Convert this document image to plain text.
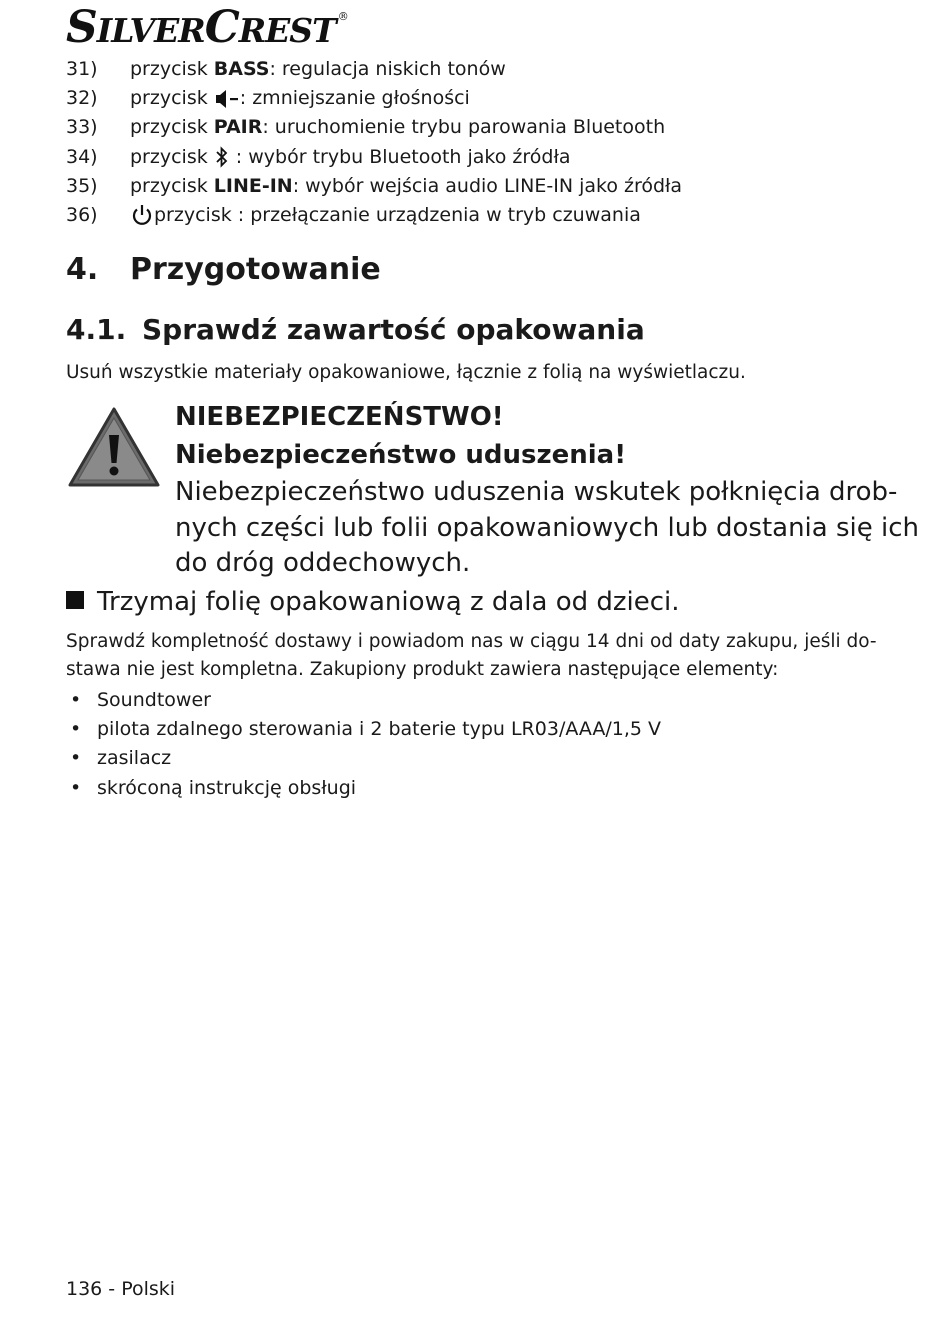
SILVERCREST ®
31) przycisk BASS: regulacja niskich tonów
32) przycisk : zmniejszanie głośności
33) przycisk PAIR: uruchomienie trybu parowania Bluetooth
34) przycisk  : wybór trybu Bluetooth jako źródła
35) przycisk LINE-IN: wybór wejścia audio LINE-IN jako źródła
36)	przycisk : przełączanie urządzenia w tryb czuwania
4. Przygotowanie
4.1. Sprawdź zawartość opakowania
Usuń wszystkie materiały opakowaniowe, łącznie z folią na wyświetlaczu.
NIEBEZPIECZEŃSTWO!
Niebezpieczeństwo uduszenia!
Niebezpieczeństwo uduszenia wskutek połknięcia drob-
nych części lub folii opakowaniowych lub dostania się ich
do dróg oddechowych.
Trzymaj folię opakowaniową z dala od dzieci.
Sprawdź kompletność dostawy i powiadom nas w ciągu 14 dni od daty zakupu, jeśli do-
stawa nie jest kompletna. Zakupiony produkt zawiera następujące elementy:
• Soundtower
• pilota zdalnego sterowania i 2 baterie typu LR03/AAA/1,5 V
• zasilacz
• skróconą instrukcję obsługi
136 - Polski
